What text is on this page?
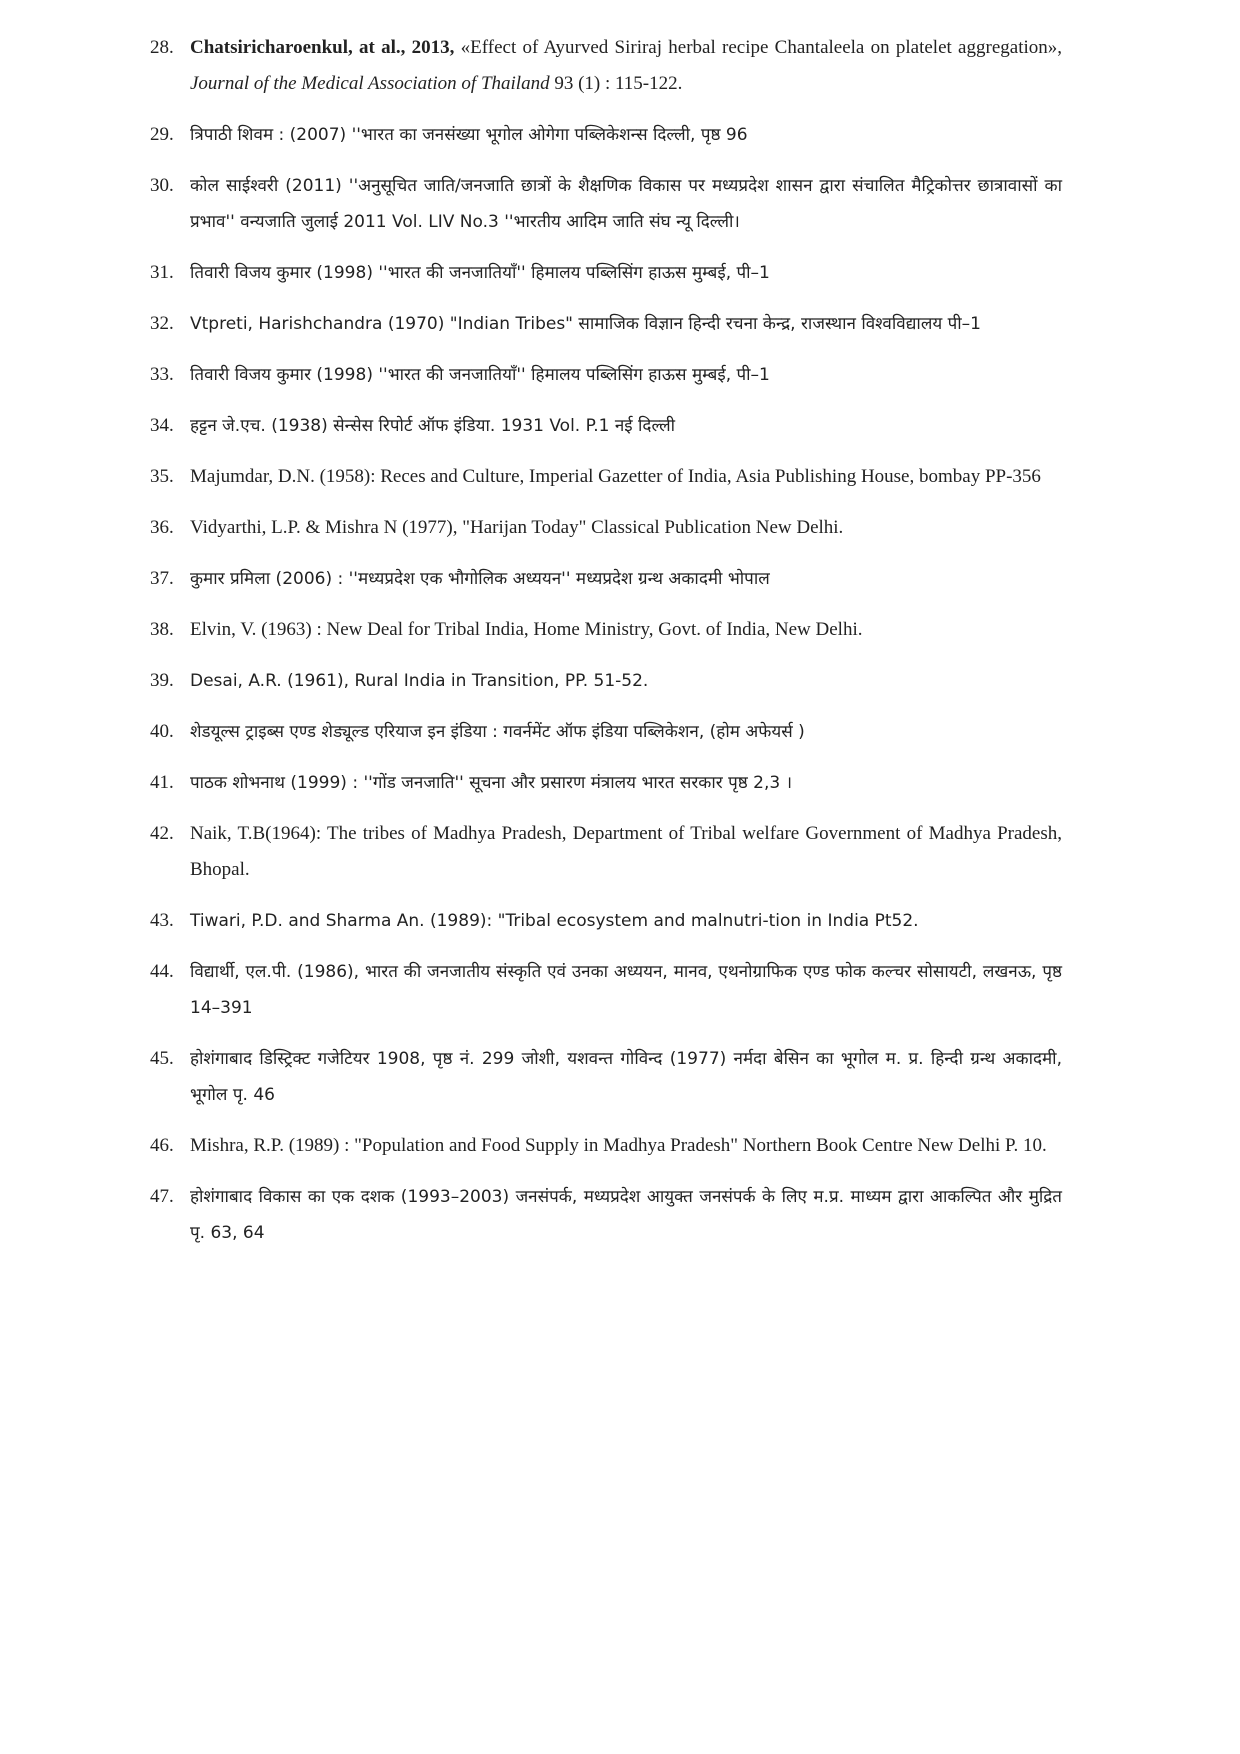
28. Chatsiricharoenkul, at al., 2013, «Effect of Ayurved Siriraj herbal recipe Chantaleela on platelet aggregation», Journal of the Medical Association of Thailand 93 (1) : 115-122.
29. त्रिपाठी शिवम : (2007) ''भारत का जनसंख्या भूगोल ओगेगा पब्लिकेशन्स दिल्ली, पृष्ठ 96
30. कोल साईश्वरी (2011) ''अनुसूचित जाति/जनजाति छात्रों के शैक्षणिक विकास पर मध्यप्रदेश शासन द्वारा संचालित मैट्रिकोत्तर छात्रावासों का प्रभाव'' वन्यजाति जुलाई 2011 Vol. LIV No.3 ''भारतीय आदिम जाति संघ न्यू दिल्ली।
31. तिवारी विजय कुमार (1998) ''भारत की जनजातियाँ'' हिमालय पब्लिसिंग हाऊस मुम्बई, पी–1
32. Vtpreti, Harishchandra (1970) "Indian Tribes" सामाजिक विज्ञान हिन्दी रचना केन्द्र, राजस्थान विश्वविद्यालय पी–1
33. तिवारी विजय कुमार (1998) ''भारत की जनजातियाँ'' हिमालय पब्लिसिंग हाऊस मुम्बई, पी–1
34. हट्टन जे.एच. (1938) सेन्सेस रिपोर्ट ऑफ इंडिया. 1931 Vol. P.1 नई दिल्ली
35. Majumdar, D.N. (1958): Reces and Culture, Imperial Gazetter of India, Asia Publishing House, bombay PP-356
36. Vidyarthi, L.P. & Mishra N (1977), "Harijan Today" Classical Publication New Delhi.
37. कुमार प्रमिला (2006) : ''मध्यप्रदेश एक भौगोलिक अध्ययन'' मध्यप्रदेश ग्रन्थ अकादमी भोपाल
38. Elvin, V. (1963) : New Deal for Tribal India, Home Ministry, Govt. of India, New Delhi.
39. Desai, A.R. (1961), Rural India in Transition, PP. 51-52.
40. शेडयूल्स ट्राइब्स एण्ड शेड्यूल्ड एरियाज इन इंडिया : गवर्नमेंट ऑफ इंडिया पब्लिकेशन, (होम अफेयर्स )
41. पाठक शोभनाथ (1999) : ''गोंड जनजाति'' सूचना और प्रसारण मंत्रालय भारत सरकार पृष्ठ 2,3 ।
42. Naik, T.B(1964): The tribes of Madhya Pradesh, Department of Tribal welfare Government of Madhya Pradesh, Bhopal.
43. Tiwari, P.D. and Sharma An. (1989): "Tribal ecosystem and malnutri-tion in India Pt52.
44. विद्यार्थी, एल.पी. (1986), भारत की जनजातीय संस्कृति एवं उनका अध्ययन, मानव, एथनोग्राफिक एण्ड फोक कल्चर सोसायटी, लखनऊ, पृष्ठ 14–391
45. होशंगाबाद डिस्ट्रिक्ट गजेटियर 1908, पृष्ठ नं. 299 जोशी, यशवन्त गोविन्द (1977) नर्मदा बेसिन का भूगोल म. प्र. हिन्दी ग्रन्थ अकादमी, भूगोल पृ. 46
46. Mishra, R.P. (1989) : "Population and Food Supply in Madhya Pradesh" Northern Book Centre New Delhi P. 10.
47. होशंगाबाद विकास का एक दशक (1993–2003) जनसंपर्क, मध्यप्रदेश आयुक्त जनसंपर्क के लिए म.प्र. माध्यम द्वारा आकल्पित और मुद्रित पृ. 63, 64
